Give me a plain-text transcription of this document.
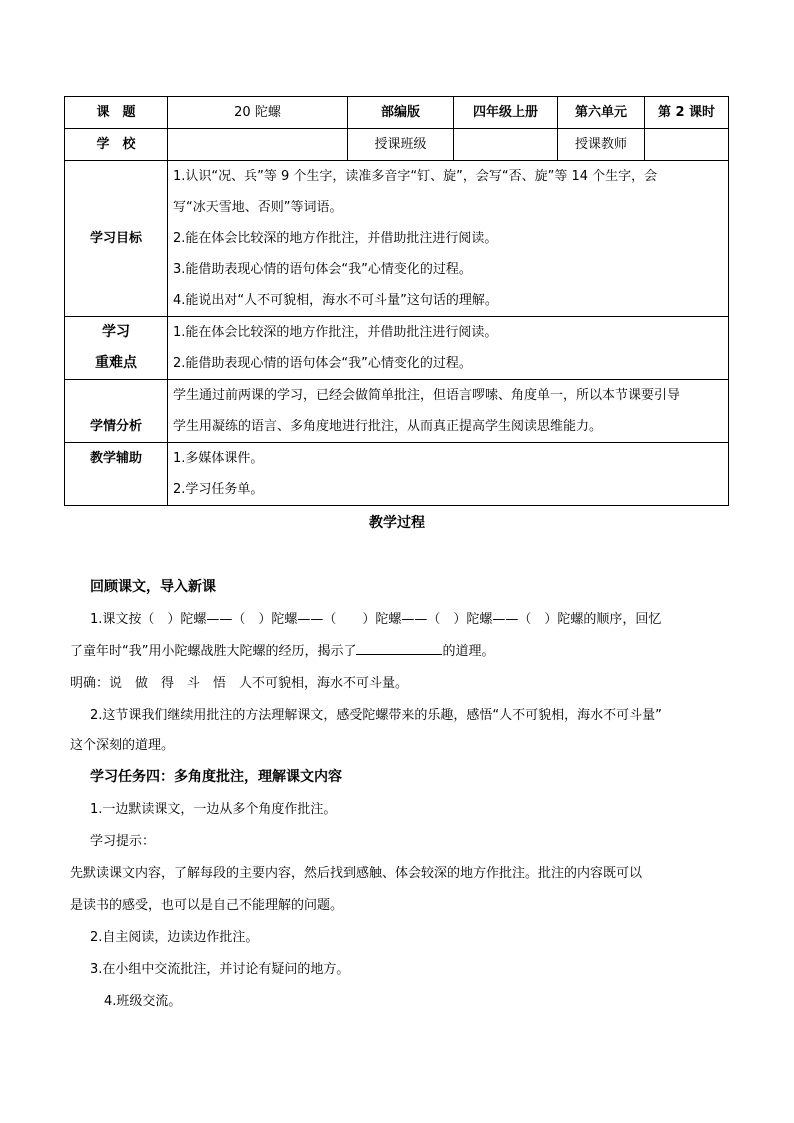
课　题	20 陀螺	部编版	四年级上册	第六单元	第 2 课时
学　校		授课班级		授课教师	
学习目标	1.认识“况、兵”等 9 个生字，读准多音字“钉、旋”，会写“否、旋”等 14 个生字，会
写“冰天雪地、否则”等词语。
2.能在体会比较深的地方作批注，并借助批注进行阅读。
3.能借助表现心情的语句体会“我”心情变化的过程。
4.能说出对“人不可貌相，海水不可斗量”这句话的理解。				

学习
重难点	1.能在体会比较深的地方作批注，并借助批注进行阅读。
2.能借助表现心情的语句体会“我”心情变化的过程。				

学情分析	学生通过前两课的学习，已经会做简单批注，但语言啰嗦、角度单一，所以本节课要引导
学生用凝练的语言、多角度地进行批注，从而真正提高学生阅读思维能力。				

教学辅助	1.多媒体课件。
2.学习任务单。				
教学过程
回顾课文，导入新课
1.课文按（　）陀螺——（　）陀螺——（　　）陀螺——（　）陀螺——（　）陀螺的顺序，回忆
了童年时“我”用小陀螺战胜大陀螺的经历，揭示了	的道理。
明确：说　做　得　斗　悟　人不可貌相，海水不可斗量。
2.这节课我们继续用批注的方法理解课文，感受陀螺带来的乐趣，感悟“人不可貌相，海水不可斗量”
这个深刻的道理。
学习任务四：多角度批注，理解课文内容
1.一边默读课文，一边从多个角度作批注。
学习提示：
先默读课文内容，了解每段的主要内容，然后找到感触、体会较深的地方作批注。批注的内容既可以
是读书的感受，也可以是自己不能理解的问题。
2.自主阅读，边读边作批注。
3.在小组中交流批注，并讨论有疑问的地方。
4.班级交流。
